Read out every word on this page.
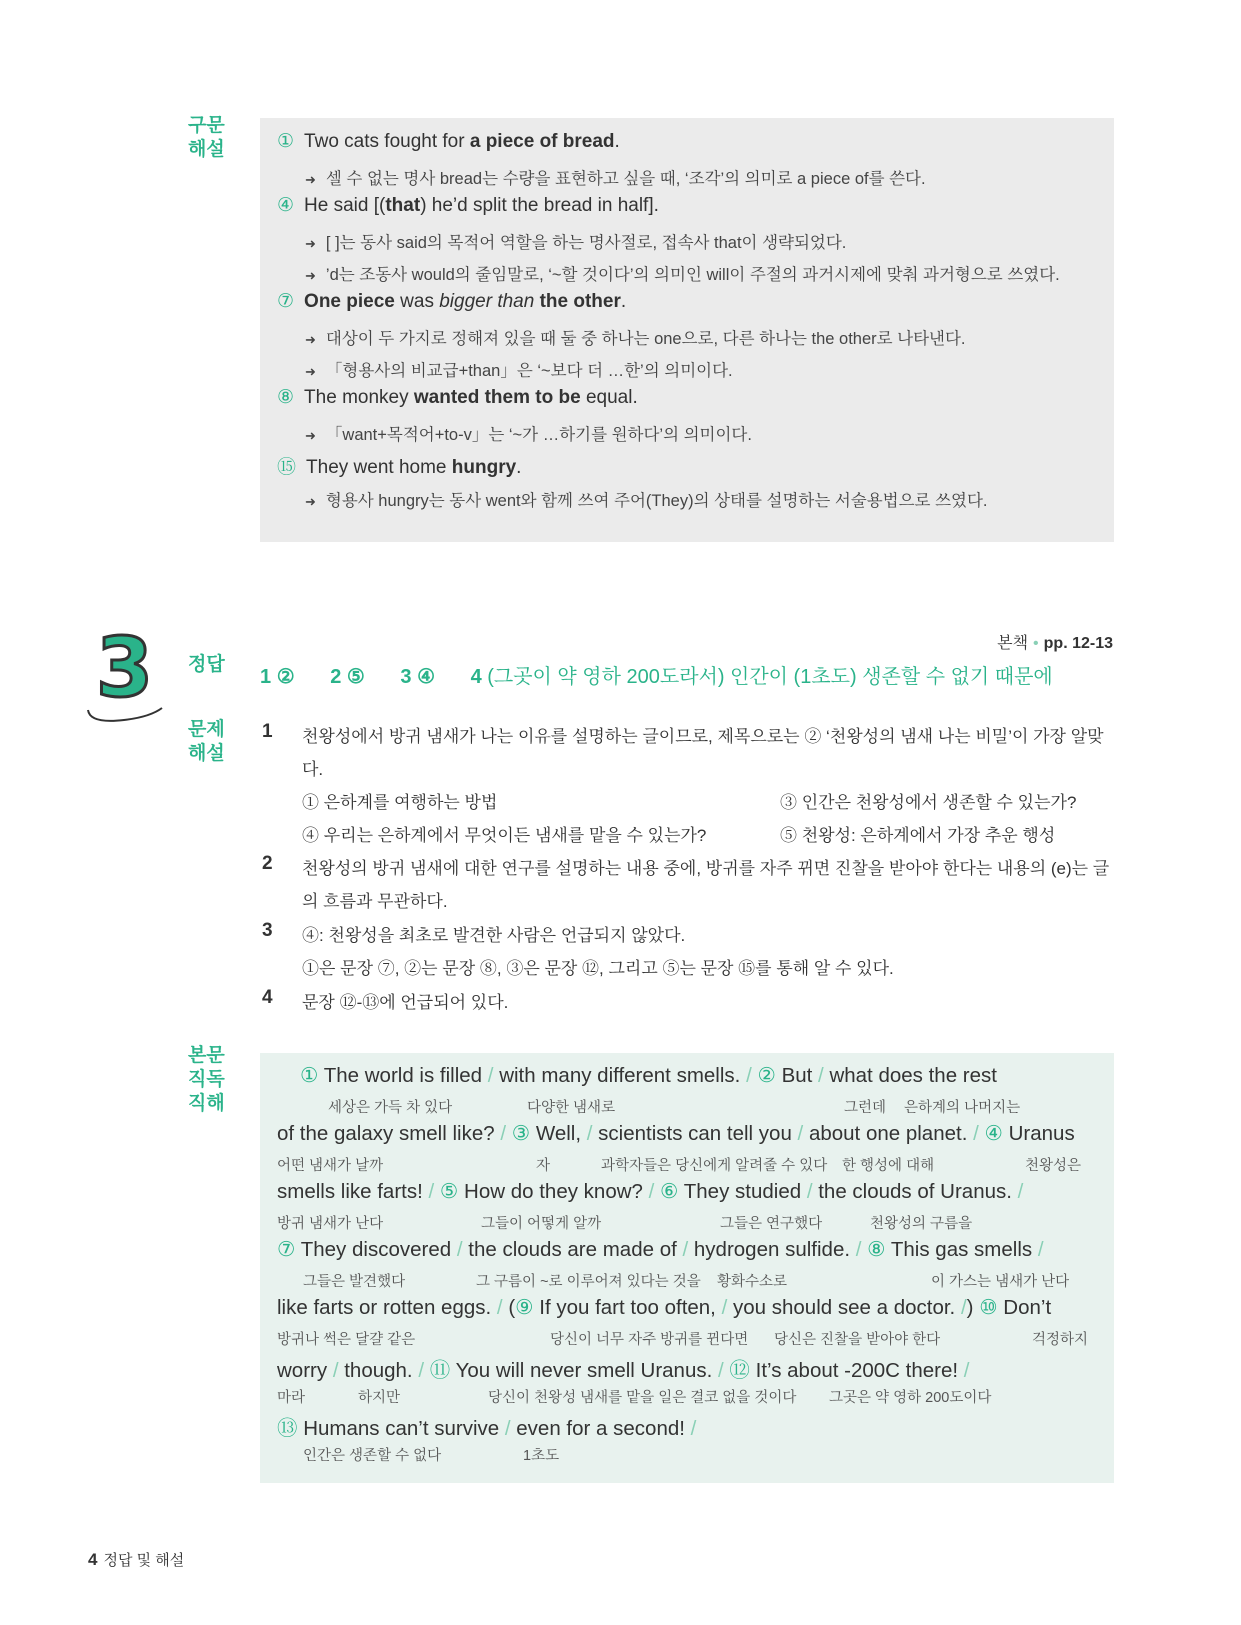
구문
해설	① Two cats fought for a piece of bread.
➜ 셀 수 없는 명사 bread는 수량을 표현하고 싶을 때, ‘조각’의 의미로 a piece of를 쓴다.
④ He said [(that) he’d split the bread in half].
➜ [ ]는 동사 said의 목적어 역할을 하는 명사절로, 접속사 that이 생략되었다.
➜ ’d는 조동사 would의 줄임말로, ‘~할 것이다’의 의미인 will이 주절의 과거시제에 맞춰 과거형으로 쓰였다.
⑦ One piece was bigger than the other.
➜ 대상이 두 가지로 정해져 있을 때 둘 중 하나는 one으로, 다른 하나는 the other로 나타낸다.
➜ 「형용사의 비교급+than」은 ‘~보다 더 …한’의 의미이다.
⑧ The monkey wanted them to be equal.
➜ 「want+목적어+to-v」는 ‘~가 …하기를 원하다’의 의미이다.
⑮ They went home hungry.
➜ 형용사 hungry는 동사 went와 함께 쓰여 주어(They)의 상태를 설명하는 서술용법으로 쓰였다.
3	본책 • pp. 12-13
정답
1 ② 2 ⑤ 3 ④ 4 (그곳이 약 영하 200도라서) 인간이 (1초도) 생존할 수 없기 때문에
문제
해설
1 천왕성에서 방귀 냄새가 나는 이유를 설명하는 글이므로, 제목으로는 ② ‘천왕성의 냄새 나는 비밀’이 가장 알맞
다.
① 은하계를 여행하는 방법	③ 인간은 천왕성에서 생존할 수 있는가?
④ 우리는 은하계에서 무엇이든 냄새를 맡을 수 있는가?	⑤ 천왕성: 은하계에서 가장 추운 행성
2 천왕성의 방귀 냄새에 대한 연구를 설명하는 내용 중에, 방귀를 자주 뀌면 진찰을 받아야 한다는 내용의 (e)는 글
의 흐름과 무관하다.
3 ④: 천왕성을 최초로 발견한 사람은 언급되지 않았다.
①은 문장 ⑦, ②는 문장 ⑧, ③은 문장 ⑫, 그리고 ⑤는 문장 ⑮를 통해 알 수 있다.
4 문장 ⑫-⑬에 언급되어 있다.
본문
직독
직해
① The world is filled / with many different smells. / ② But / what does the rest
세상은 가득 차 있다	다양한 냄새로	그런데 은하계의 나머지는
of the galaxy smell like? / ③ Well, / scientists can tell you / about one planet. / ④ Uranus
어떤 냄새가 날까	자	과학자들은 당신에게 알려줄 수 있다 한 행성에 대해	천왕성은
smells like farts! / ⑤ How do they know? / ⑥ They studied / the clouds of Uranus. /
방귀 냄새가 난다	그들이 어떻게 알까	그들은 연구했다	천왕성의 구름을
⑦ They discovered / the clouds are made of / hydrogen sulfide. / ⑧ This gas smells /
그들은 발견했다	그 구름이 ~로 이루어져 있다는 것을 황화수소로	이 가스는 냄새가 난다
like farts or rotten eggs. / (⑨ If you fart too often, / you should see a doctor. /) ⑩ Don’t
방귀나 썩은 달걀 같은	당신이 너무 자주 방귀를 뀐다면 당신은 진찰을 받아야 한다	걱정하지
worry / though. / ⑪ You will never smell Uranus. / ⑫ It’s about -200C there! /
마라	하지만	당신이 천왕성 냄새를 맡을 일은 결코 없을 것이다 그곳은 약 영하 200도이다
⑬ Humans can’t survive / even for a second! /
인간은 생존할 수 없다	1초도
4 정답 및 해설
